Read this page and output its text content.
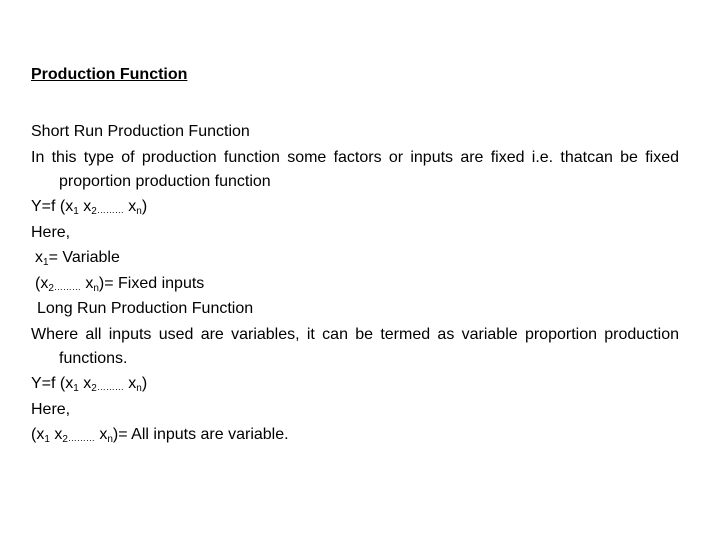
Production Function
Short Run Production Function
In this type of production function some factors or inputs are fixed i.e. thatcan be fixed proportion production function
Y=f ($x_1$ $x_2\dots\dots\dots$ $x_n$)
Here,
$x_1=$ Variable
($x_2\dots\dots\dots$ $x_n)=$ Fixed inputs
Long Run Production Function
Where all inputs used are variables, it can be termed as variable proportion production functions.
Y=f ($x_1$ $x_2\dots\dots\dots$ $x_n$)
Here,
($x_1$ $x_2\dots\dots\dots$ $x_n)=$ All inputs are variable.
